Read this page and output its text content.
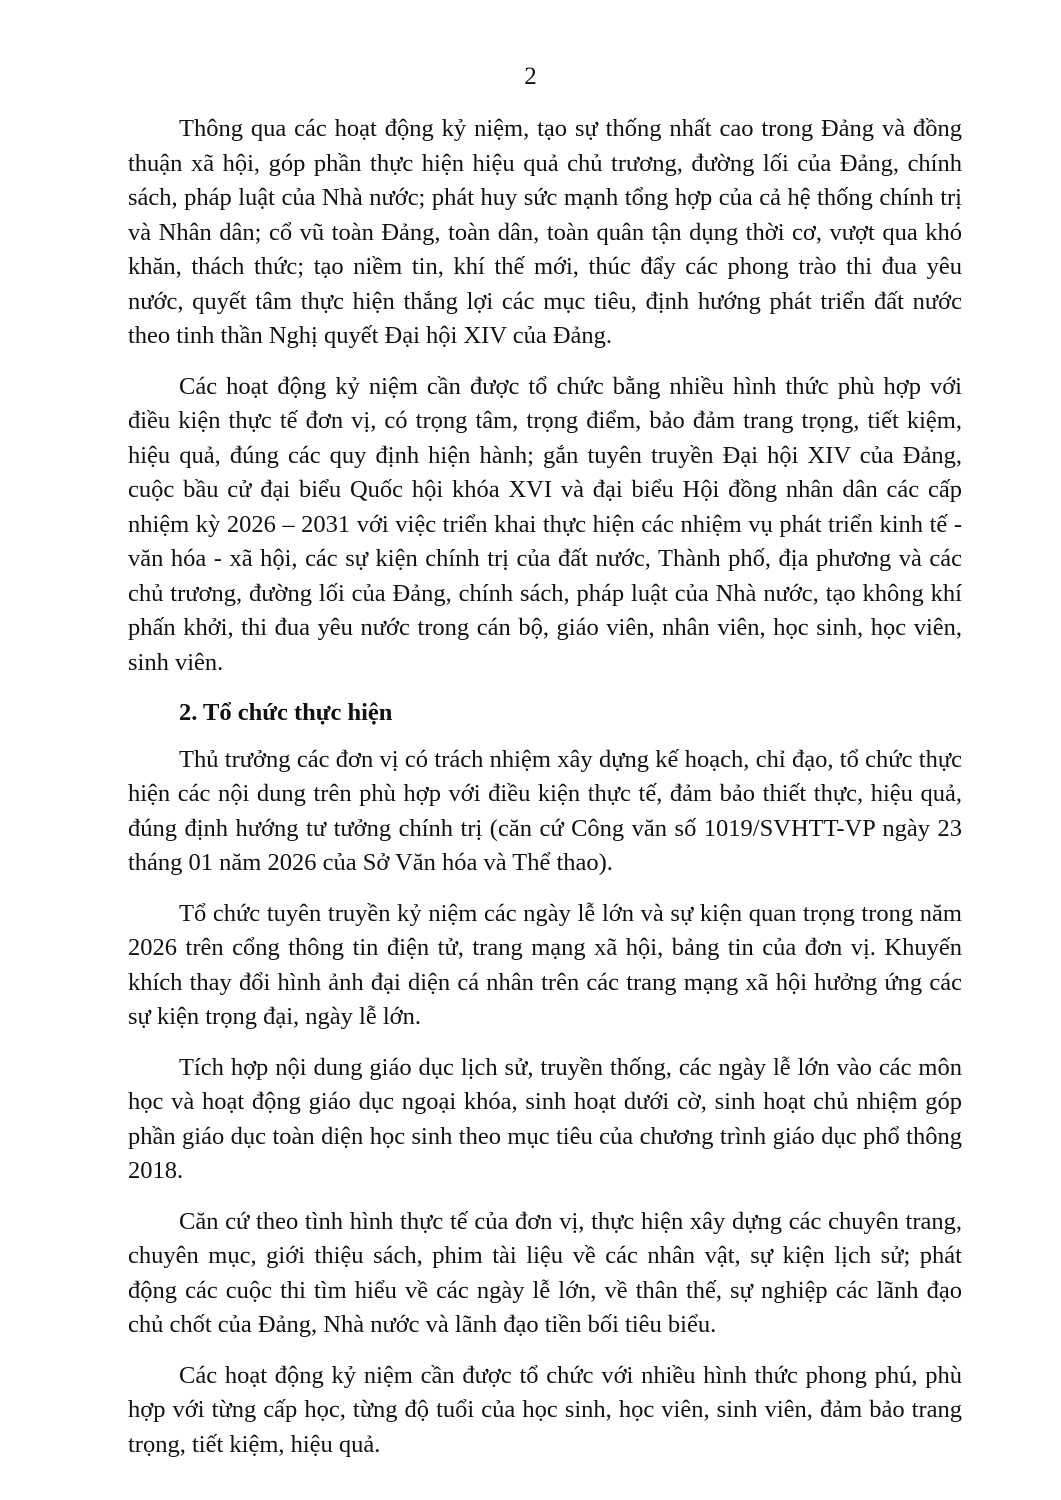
2

Thông qua các hoạt động kỷ niệm, tạo sự thống nhất cao trong Đảng và đồng thuận xã hội, góp phần thực hiện hiệu quả chủ trương, đường lối của Đảng, chính sách, pháp luật của Nhà nước; phát huy sức mạnh tổng hợp của cả hệ thống chính trị và Nhân dân; cổ vũ toàn Đảng, toàn dân, toàn quân tận dụng thời cơ, vượt qua khó khăn, thách thức; tạo niềm tin, khí thế mới, thúc đẩy các phong trào thi đua yêu nước, quyết tâm thực hiện thắng lợi các mục tiêu, định hướng phát triển đất nước theo tinh thần Nghị quyết Đại hội XIV của Đảng.

Các hoạt động kỷ niệm cần được tổ chức bằng nhiều hình thức phù hợp với điều kiện thực tế đơn vị, có trọng tâm, trọng điểm, bảo đảm trang trọng, tiết kiệm, hiệu quả, đúng các quy định hiện hành; gắn tuyên truyền Đại hội XIV của Đảng, cuộc bầu cử đại biểu Quốc hội khóa XVI và đại biểu Hội đồng nhân dân các cấp nhiệm kỳ 2026 – 2031 với việc triển khai thực hiện các nhiệm vụ phát triển kinh tế - văn hóa - xã hội, các sự kiện chính trị của đất nước, Thành phố, địa phương và các chủ trương, đường lối của Đảng, chính sách, pháp luật của Nhà nước, tạo không khí phấn khởi, thi đua yêu nước trong cán bộ, giáo viên, nhân viên, học sinh, học viên, sinh viên.

2. Tổ chức thực hiện

Thủ trưởng các đơn vị có trách nhiệm xây dựng kế hoạch, chỉ đạo, tổ chức thực hiện các nội dung trên phù hợp với điều kiện thực tế, đảm bảo thiết thực, hiệu quả, đúng định hướng tư tưởng chính trị (căn cứ Công văn số 1019/SVHTT-VP ngày 23 tháng 01 năm 2026 của Sở Văn hóa và Thể thao).

Tổ chức tuyên truyền kỷ niệm các ngày lễ lớn và sự kiện quan trọng trong năm 2026 trên cổng thông tin điện tử, trang mạng xã hội, bảng tin của đơn vị. Khuyến khích thay đổi hình ảnh đại diện cá nhân trên các trang mạng xã hội hưởng ứng các sự kiện trọng đại, ngày lễ lớn.

Tích hợp nội dung giáo dục lịch sử, truyền thống, các ngày lễ lớn vào các môn học và hoạt động giáo dục ngoại khóa, sinh hoạt dưới cờ, sinh hoạt chủ nhiệm góp phần giáo dục toàn diện học sinh theo mục tiêu của chương trình giáo dục phổ thông 2018.

Căn cứ theo tình hình thực tế của đơn vị, thực hiện xây dựng các chuyên trang, chuyên mục, giới thiệu sách, phim tài liệu về các nhân vật, sự kiện lịch sử; phát động các cuộc thi tìm hiểu về các ngày lễ lớn, về thân thế, sự nghiệp các lãnh đạo chủ chốt của Đảng, Nhà nước và lãnh đạo tiền bối tiêu biểu.

Các hoạt động kỷ niệm cần được tổ chức với nhiều hình thức phong phú, phù hợp với từng cấp học, từng độ tuổi của học sinh, học viên, sinh viên, đảm bảo trang trọng, tiết kiệm, hiệu quả.
